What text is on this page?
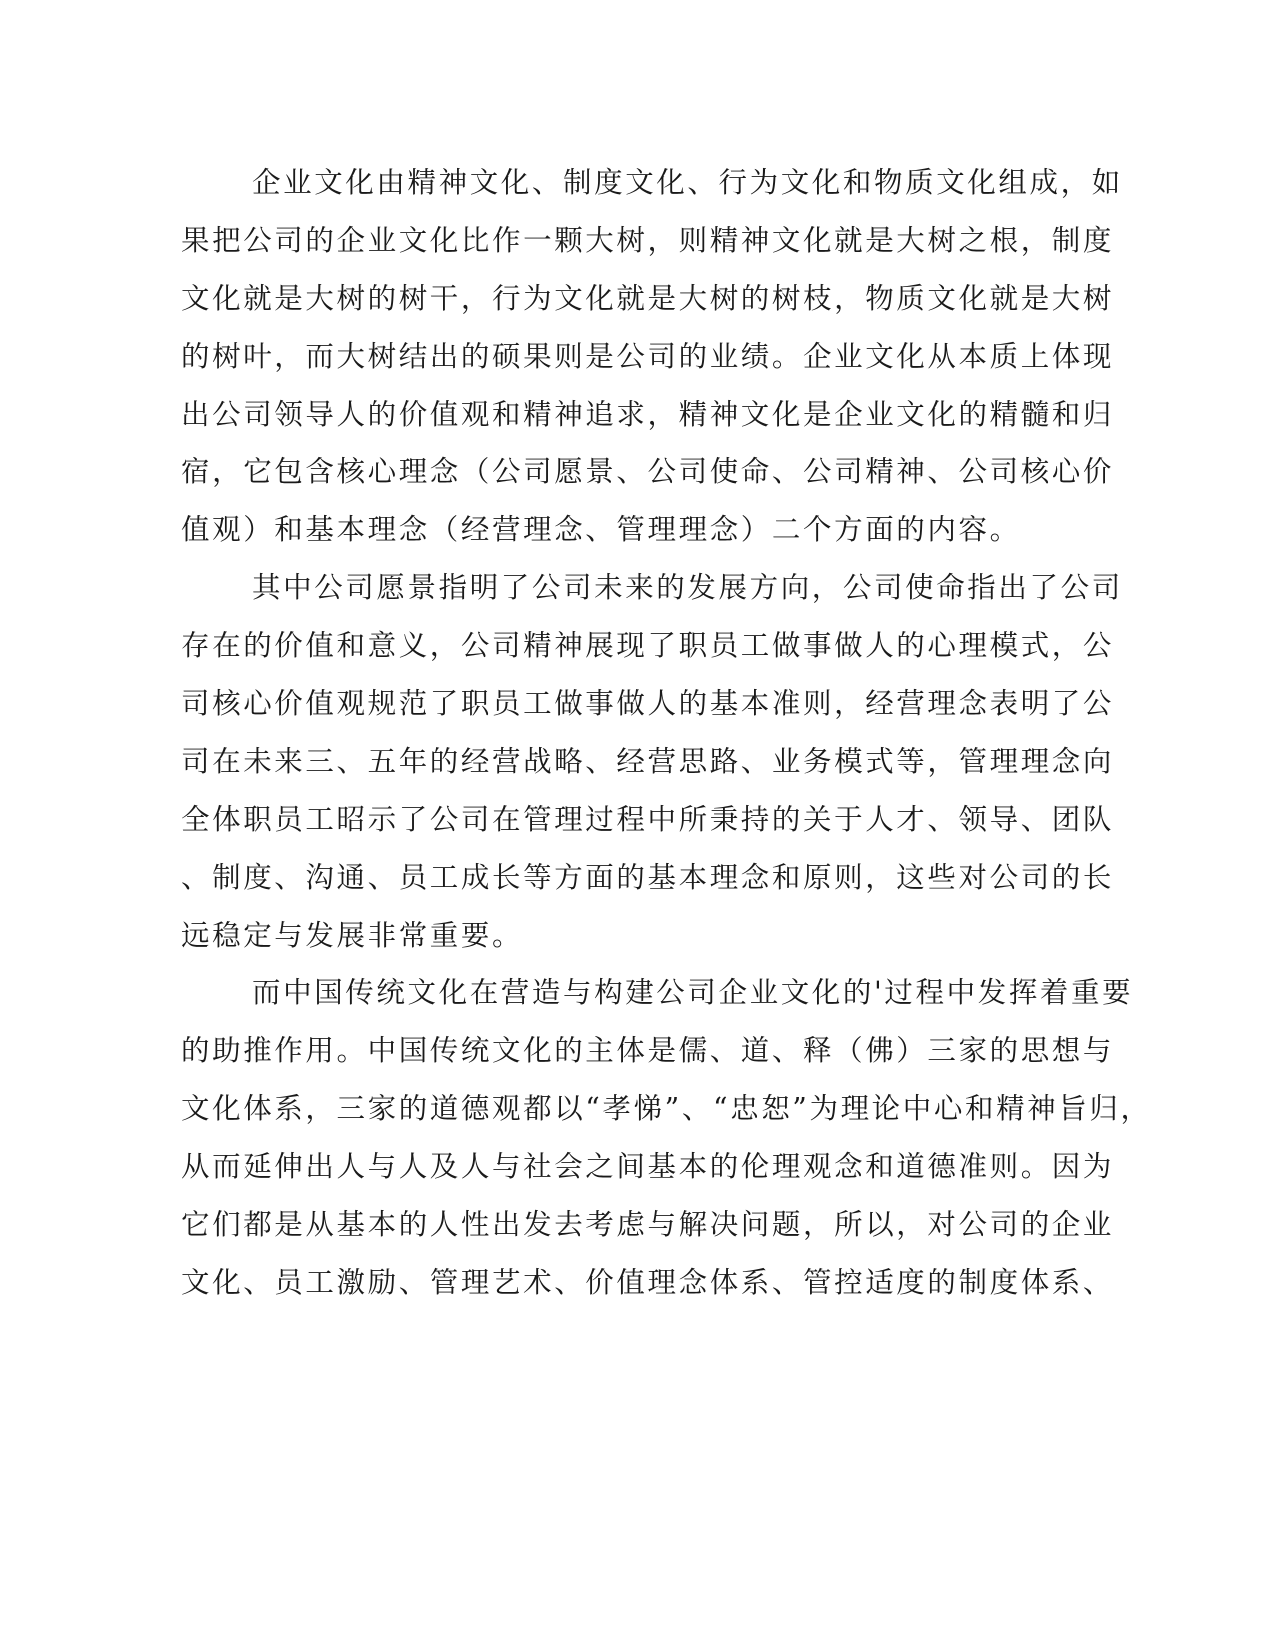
企业文化由精神文化、制度文化、行为文化和物质文化组成，如
果把公司的企业文化比作一颗大树，则精神文化就是大树之根，制度
文化就是大树的树干，行为文化就是大树的树枝，物质文化就是大树
的树叶，而大树结出的硕果则是公司的业绩。企业文化从本质上体现
出公司领导人的价值观和精神追求，精神文化是企业文化的精髓和归
宿，它包含核心理念（公司愿景、公司使命、公司精神、公司核心价
值观）和基本理念（经营理念、管理理念）二个方面的内容。
其中公司愿景指明了公司未来的发展方向，公司使命指出了公司
存在的价值和意义，公司精神展现了职员工做事做人的心理模式，公
司核心价值观规范了职员工做事做人的基本准则，经营理念表明了公
司在未来三、五年的经营战略、经营思路、业务模式等，管理理念向
全体职员工昭示了公司在管理过程中所秉持的关于人才、领导、团队
、制度、沟通、员工成长等方面的基本理念和原则，这些对公司的长
远稳定与发展非常重要。
而中国传统文化在营造与构建公司企业文化的'过程中发挥着重要
的助推作用。中国传统文化的主体是儒、道、释（佛）三家的思想与
文化体系，三家的道德观都以“孝悌”、“忠恕”为理论中心和精神旨归，
从而延伸出人与人及人与社会之间基本的伦理观念和道德准则。因为
它们都是从基本的人性出发去考虑与解决问题，所以，对公司的企业
文化、员工激励、管理艺术、价值理念体系、管控适度的制度体系、
